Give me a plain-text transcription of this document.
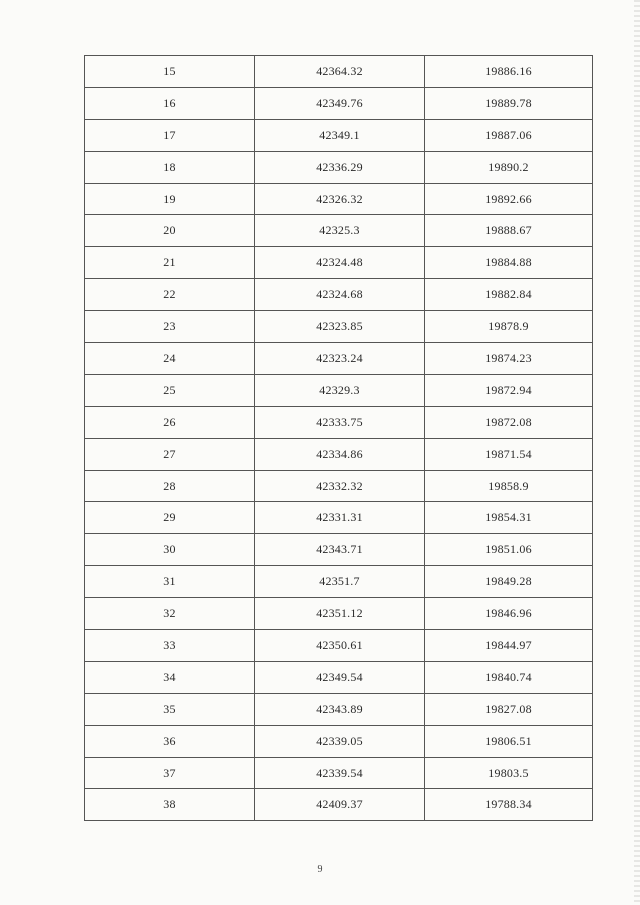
15	42364.32	19886.16
16	42349.76	19889.78
17	42349.1	19887.06
18	42336.29	19890.2
19	42326.32	19892.66
20	42325.3	19888.67
21	42324.48	19884.88
22	42324.68	19882.84
23	42323.85	19878.9
24	42323.24	19874.23
25	42329.3	19872.94
26	42333.75	19872.08
27	42334.86	19871.54
28	42332.32	19858.9
29	42331.31	19854.31
30	42343.71	19851.06
31	42351.7	19849.28
32	42351.12	19846.96
33	42350.61	19844.97
34	42349.54	19840.74
35	42343.89	19827.08
36	42339.05	19806.51
37	42339.54	19803.5
38	42409.37	19788.34
9
